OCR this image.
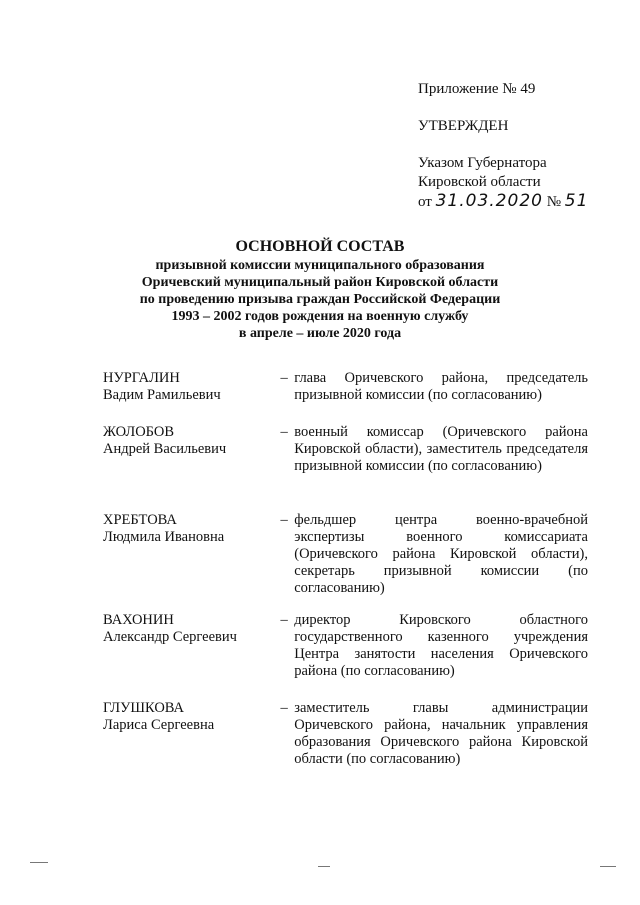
Приложение № 49
УТВЕРЖДЕН
Указом Губернатора
Кировской области
от 31.03.2020 № 51
ОСНОВНОЙ СОСТАВ
призывной комиссии муниципального образования
Оричевский муниципальный район Кировской области
по проведению призыва граждан Российской Федерации
1993 – 2002 годов рождения на военную службу
в апреле – июле 2020 года
НУРГАЛИН
Вадим Рамильевич
– глава Оричевского района, председатель призывной комиссии (по согласованию)
ЖОЛОБОВ
Андрей Васильевич
– военный комиссар (Оричевского района Кировской области), заместитель председателя призывной комиссии (по согласованию)
ХРЕБТОВА
Людмила Ивановна
– фельдшер центра военно-врачебной экспертизы военного комиссариата (Оричевского района Кировской области), секретарь призывной комиссии (по согласованию)
ВАХОНИН
Александр Сергеевич
– директор Кировского областного государственного казенного учреждения Центра занятости населения Оричевского района (по согласованию)
ГЛУШКОВА
Лариса Сергеевна
– заместитель главы администрации Оричевского района, начальник управления образования Оричевского района Кировской области (по согласованию)
